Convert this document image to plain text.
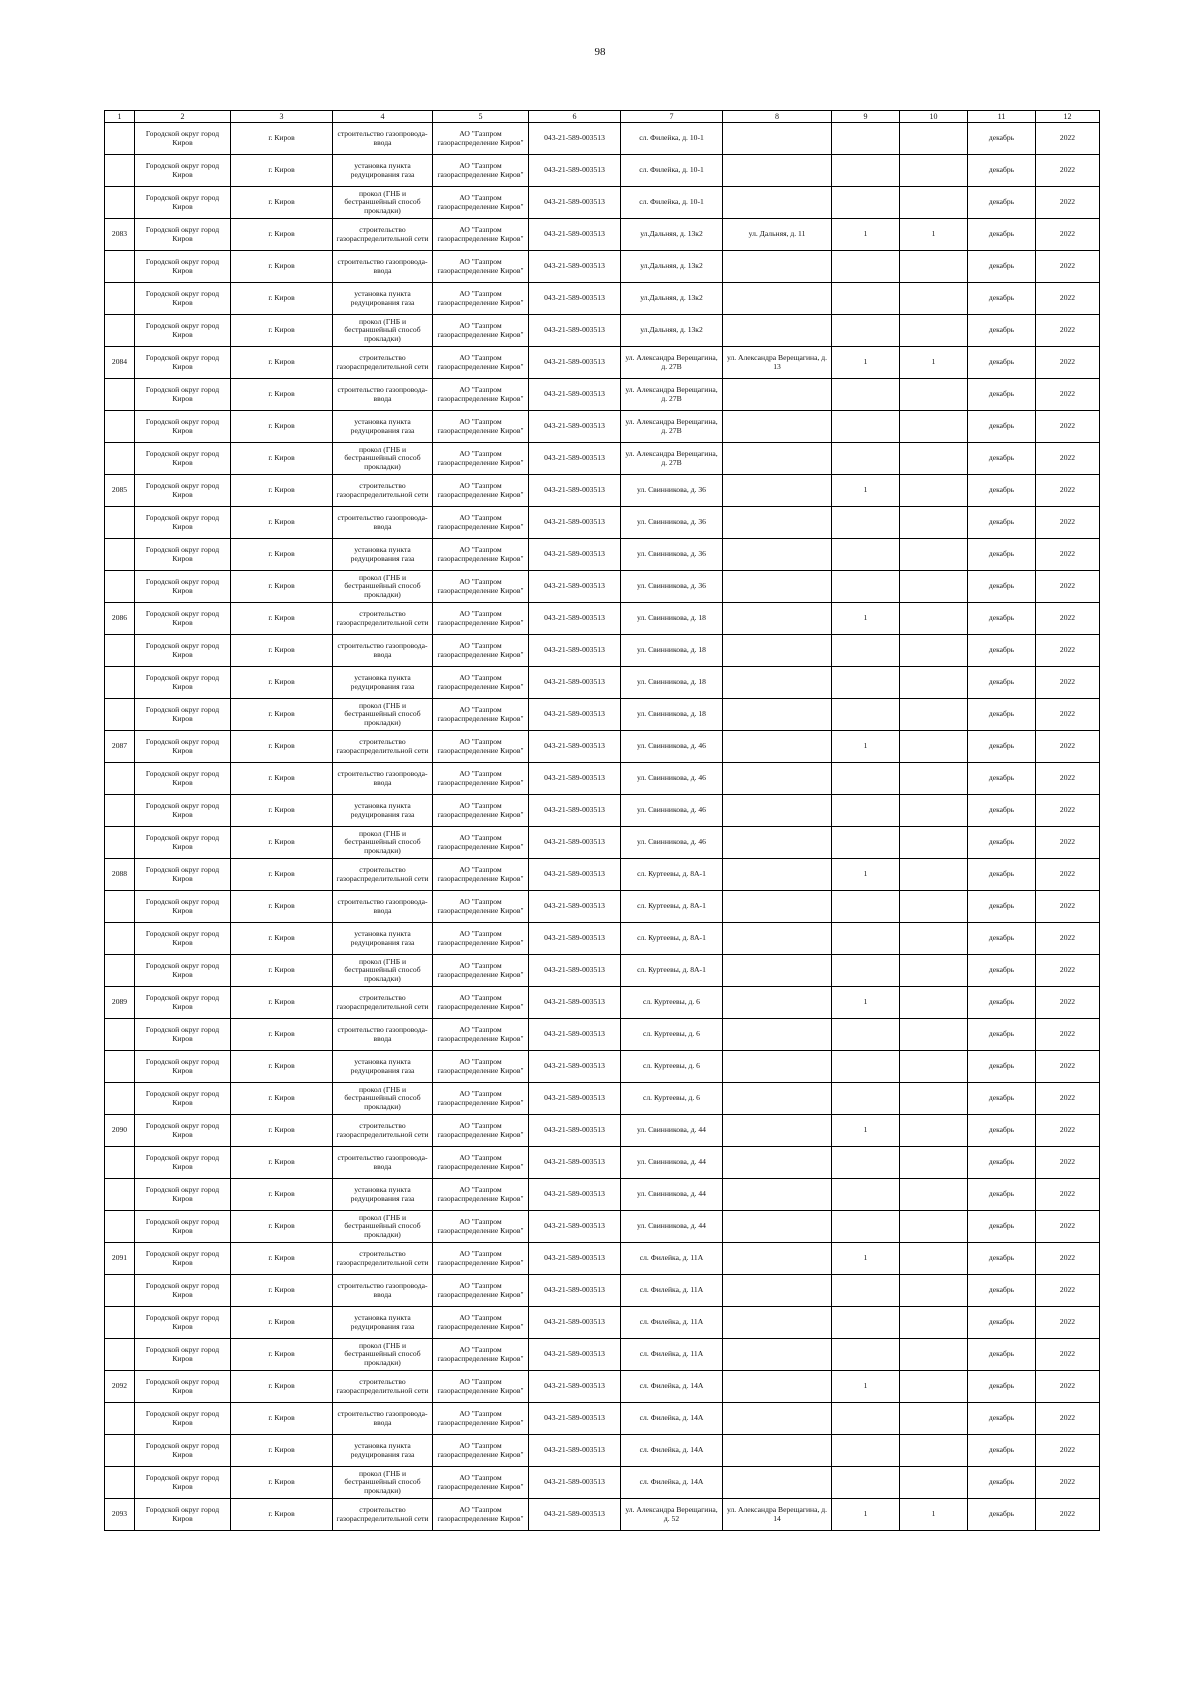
98
1	2	3	4	5	6	7	8	9	10	11	12
	Городской округ город Киров	г. Киров	строительство газопровода-ввода	АО "Газпром газораспределение Киров"	043-21-589-003513	сл. Филейка, д. 10-1				декабрь	2022
	Городской округ город Киров	г. Киров	установка пункта редуцирования газа	АО "Газпром газораспределение Киров"	043-21-589-003513	сл. Филейка, д. 10-1				декабрь	2022
	Городской округ город Киров	г. Киров	прокол (ГНБ и бестраншейный способ прокладки)	АО "Газпром газораспределение Киров"	043-21-589-003513	сл. Филейка, д. 10-1				декабрь	2022
2083	Городской округ город Киров	г. Киров	строительство газораспределительной сети	АО "Газпром газораспределение Киров"	043-21-589-003513	ул.Дальняя, д. 13к2	ул. Дальняя, д. 11	1	1	декабрь	2022
	Городской округ город Киров	г. Киров	строительство газопровода-ввода	АО "Газпром газораспределение Киров"	043-21-589-003513	ул.Дальняя, д. 13к2				декабрь	2022
	Городской округ город Киров	г. Киров	установка пункта редуцирования газа	АО "Газпром газораспределение Киров"	043-21-589-003513	ул.Дальняя, д. 13к2				декабрь	2022
	Городской округ город Киров	г. Киров	прокол (ГНБ и бестраншейный способ прокладки)	АО "Газпром газораспределение Киров"	043-21-589-003513	ул.Дальняя, д. 13к2				декабрь	2022
2084	Городской округ город Киров	г. Киров	строительство газораспределительной сети	АО "Газпром газораспределение Киров"	043-21-589-003513	ул. Александра Верещагина, д. 27В	ул. Александра Верещагина, д. 13	1	1	декабрь	2022
	Городской округ город Киров	г. Киров	строительство газопровода-ввода	АО "Газпром газораспределение Киров"	043-21-589-003513	ул. Александра Верещагина, д. 27В				декабрь	2022
	Городской округ город Киров	г. Киров	установка пункта редуцирования газа	АО "Газпром газораспределение Киров"	043-21-589-003513	ул. Александра Верещагина, д. 27В				декабрь	2022
	Городской округ город Киров	г. Киров	прокол (ГНБ и бестраншейный способ прокладки)	АО "Газпром газораспределение Киров"	043-21-589-003513	ул. Александра Верещагина, д. 27В				декабрь	2022
2085	Городской округ город Киров	г. Киров	строительство газораспределительной сети	АО "Газпром газораспределение Киров"	043-21-589-003513	ул. Свинникова, д. 36		1		декабрь	2022
	Городской округ город Киров	г. Киров	строительство газопровода-ввода	АО "Газпром газораспределение Киров"	043-21-589-003513	ул. Свинникова, д. 36				декабрь	2022
	Городской округ город Киров	г. Киров	установка пункта редуцирования газа	АО "Газпром газораспределение Киров"	043-21-589-003513	ул. Свинникова, д. 36				декабрь	2022
	Городской округ город Киров	г. Киров	прокол (ГНБ и бестраншейный способ прокладки)	АО "Газпром газораспределение Киров"	043-21-589-003513	ул. Свинникова, д. 36				декабрь	2022
2086	Городской округ город Киров	г. Киров	строительство газораспределительной сети	АО "Газпром газораспределение Киров"	043-21-589-003513	ул. Свинникова, д. 18		1		декабрь	2022
	Городской округ город Киров	г. Киров	строительство газопровода-ввода	АО "Газпром газораспределение Киров"	043-21-589-003513	ул. Свинникова, д. 18				декабрь	2022
	Городской округ город Киров	г. Киров	установка пункта редуцирования газа	АО "Газпром газораспределение Киров"	043-21-589-003513	ул. Свинникова, д. 18				декабрь	2022
	Городской округ город Киров	г. Киров	прокол (ГНБ и бестраншейный способ прокладки)	АО "Газпром газораспределение Киров"	043-21-589-003513	ул. Свинникова, д. 18				декабрь	2022
2087	Городской округ город Киров	г. Киров	строительство газораспределительной сети	АО "Газпром газораспределение Киров"	043-21-589-003513	ул. Свинникова, д. 46		1		декабрь	2022
	Городской округ город Киров	г. Киров	строительство газопровода-ввода	АО "Газпром газораспределение Киров"	043-21-589-003513	ул. Свинникова, д. 46				декабрь	2022
	Городской округ город Киров	г. Киров	установка пункта редуцирования газа	АО "Газпром газораспределение Киров"	043-21-589-003513	ул. Свинникова, д. 46				декабрь	2022
	Городской округ город Киров	г. Киров	прокол (ГНБ и бестраншейный способ прокладки)	АО "Газпром газораспределение Киров"	043-21-589-003513	ул. Свинникова, д. 46				декабрь	2022
2088	Городской округ город Киров	г. Киров	строительство газораспределительной сети	АО "Газпром газораспределение Киров"	043-21-589-003513	сл. Куртеевы, д. 8А-1		1		декабрь	2022
	Городской округ город Киров	г. Киров	строительство газопровода-ввода	АО "Газпром газораспределение Киров"	043-21-589-003513	сл. Куртеевы, д. 8А-1				декабрь	2022
	Городской округ город Киров	г. Киров	установка пункта редуцирования газа	АО "Газпром газораспределение Киров"	043-21-589-003513	сл. Куртеевы, д. 8А-1				декабрь	2022
	Городской округ город Киров	г. Киров	прокол (ГНБ и бестраншейный способ прокладки)	АО "Газпром газораспределение Киров"	043-21-589-003513	сл. Куртеевы, д. 8А-1				декабрь	2022
2089	Городской округ город Киров	г. Киров	строительство газораспределительной сети	АО "Газпром газораспределение Киров"	043-21-589-003513	сл. Куртеевы, д. 6		1		декабрь	2022
	Городской округ город Киров	г. Киров	строительство газопровода-ввода	АО "Газпром газораспределение Киров"	043-21-589-003513	сл. Куртеевы, д. 6				декабрь	2022
	Городской округ город Киров	г. Киров	установка пункта редуцирования газа	АО "Газпром газораспределение Киров"	043-21-589-003513	сл. Куртеевы, д. 6				декабрь	2022
	Городской округ город Киров	г. Киров	прокол (ГНБ и бестраншейный способ прокладки)	АО "Газпром газораспределение Киров"	043-21-589-003513	сл. Куртеевы, д. 6				декабрь	2022
2090	Городской округ город Киров	г. Киров	строительство газораспределительной сети	АО "Газпром газораспределение Киров"	043-21-589-003513	ул. Свинникова, д. 44		1		декабрь	2022
	Городской округ город Киров	г. Киров	строительство газопровода-ввода	АО "Газпром газораспределение Киров"	043-21-589-003513	ул. Свинникова, д. 44				декабрь	2022
	Городской округ город Киров	г. Киров	установка пункта редуцирования газа	АО "Газпром газораспределение Киров"	043-21-589-003513	ул. Свинникова, д. 44				декабрь	2022
	Городской округ город Киров	г. Киров	прокол (ГНБ и бестраншейный способ прокладки)	АО "Газпром газораспределение Киров"	043-21-589-003513	ул. Свинникова, д. 44				декабрь	2022
2091	Городской округ город Киров	г. Киров	строительство газораспределительной сети	АО "Газпром газораспределение Киров"	043-21-589-003513	сл. Филейка, д. 11А		1		декабрь	2022
	Городской округ город Киров	г. Киров	строительство газопровода-ввода	АО "Газпром газораспределение Киров"	043-21-589-003513	сл. Филейка, д. 11А				декабрь	2022
	Городской округ город Киров	г. Киров	установка пункта редуцирования газа	АО "Газпром газораспределение Киров"	043-21-589-003513	сл. Филейка, д. 11А				декабрь	2022
	Городской округ город Киров	г. Киров	прокол (ГНБ и бестраншейный способ прокладки)	АО "Газпром газораспределение Киров"	043-21-589-003513	сл. Филейка, д. 11А				декабрь	2022
2092	Городской округ город Киров	г. Киров	строительство газораспределительной сети	АО "Газпром газораспределение Киров"	043-21-589-003513	сл. Филейка, д. 14А		1		декабрь	2022
	Городской округ город Киров	г. Киров	строительство газопровода-ввода	АО "Газпром газораспределение Киров"	043-21-589-003513	сл. Филейка, д. 14А				декабрь	2022
	Городской округ город Киров	г. Киров	установка пункта редуцирования газа	АО "Газпром газораспределение Киров"	043-21-589-003513	сл. Филейка, д. 14А				декабрь	2022
	Городской округ город Киров	г. Киров	прокол (ГНБ и бестраншейный способ прокладки)	АО "Газпром газораспределение Киров"	043-21-589-003513	сл. Филейка, д. 14А				декабрь	2022
2093	Городской округ город Киров	г. Киров	строительство газораспределительной сети	АО "Газпром газораспределение Киров"	043-21-589-003513	ул. Александра Верещагина, д. 52	ул. Александра Верещагина, д. 14	1	1	декабрь	2022
